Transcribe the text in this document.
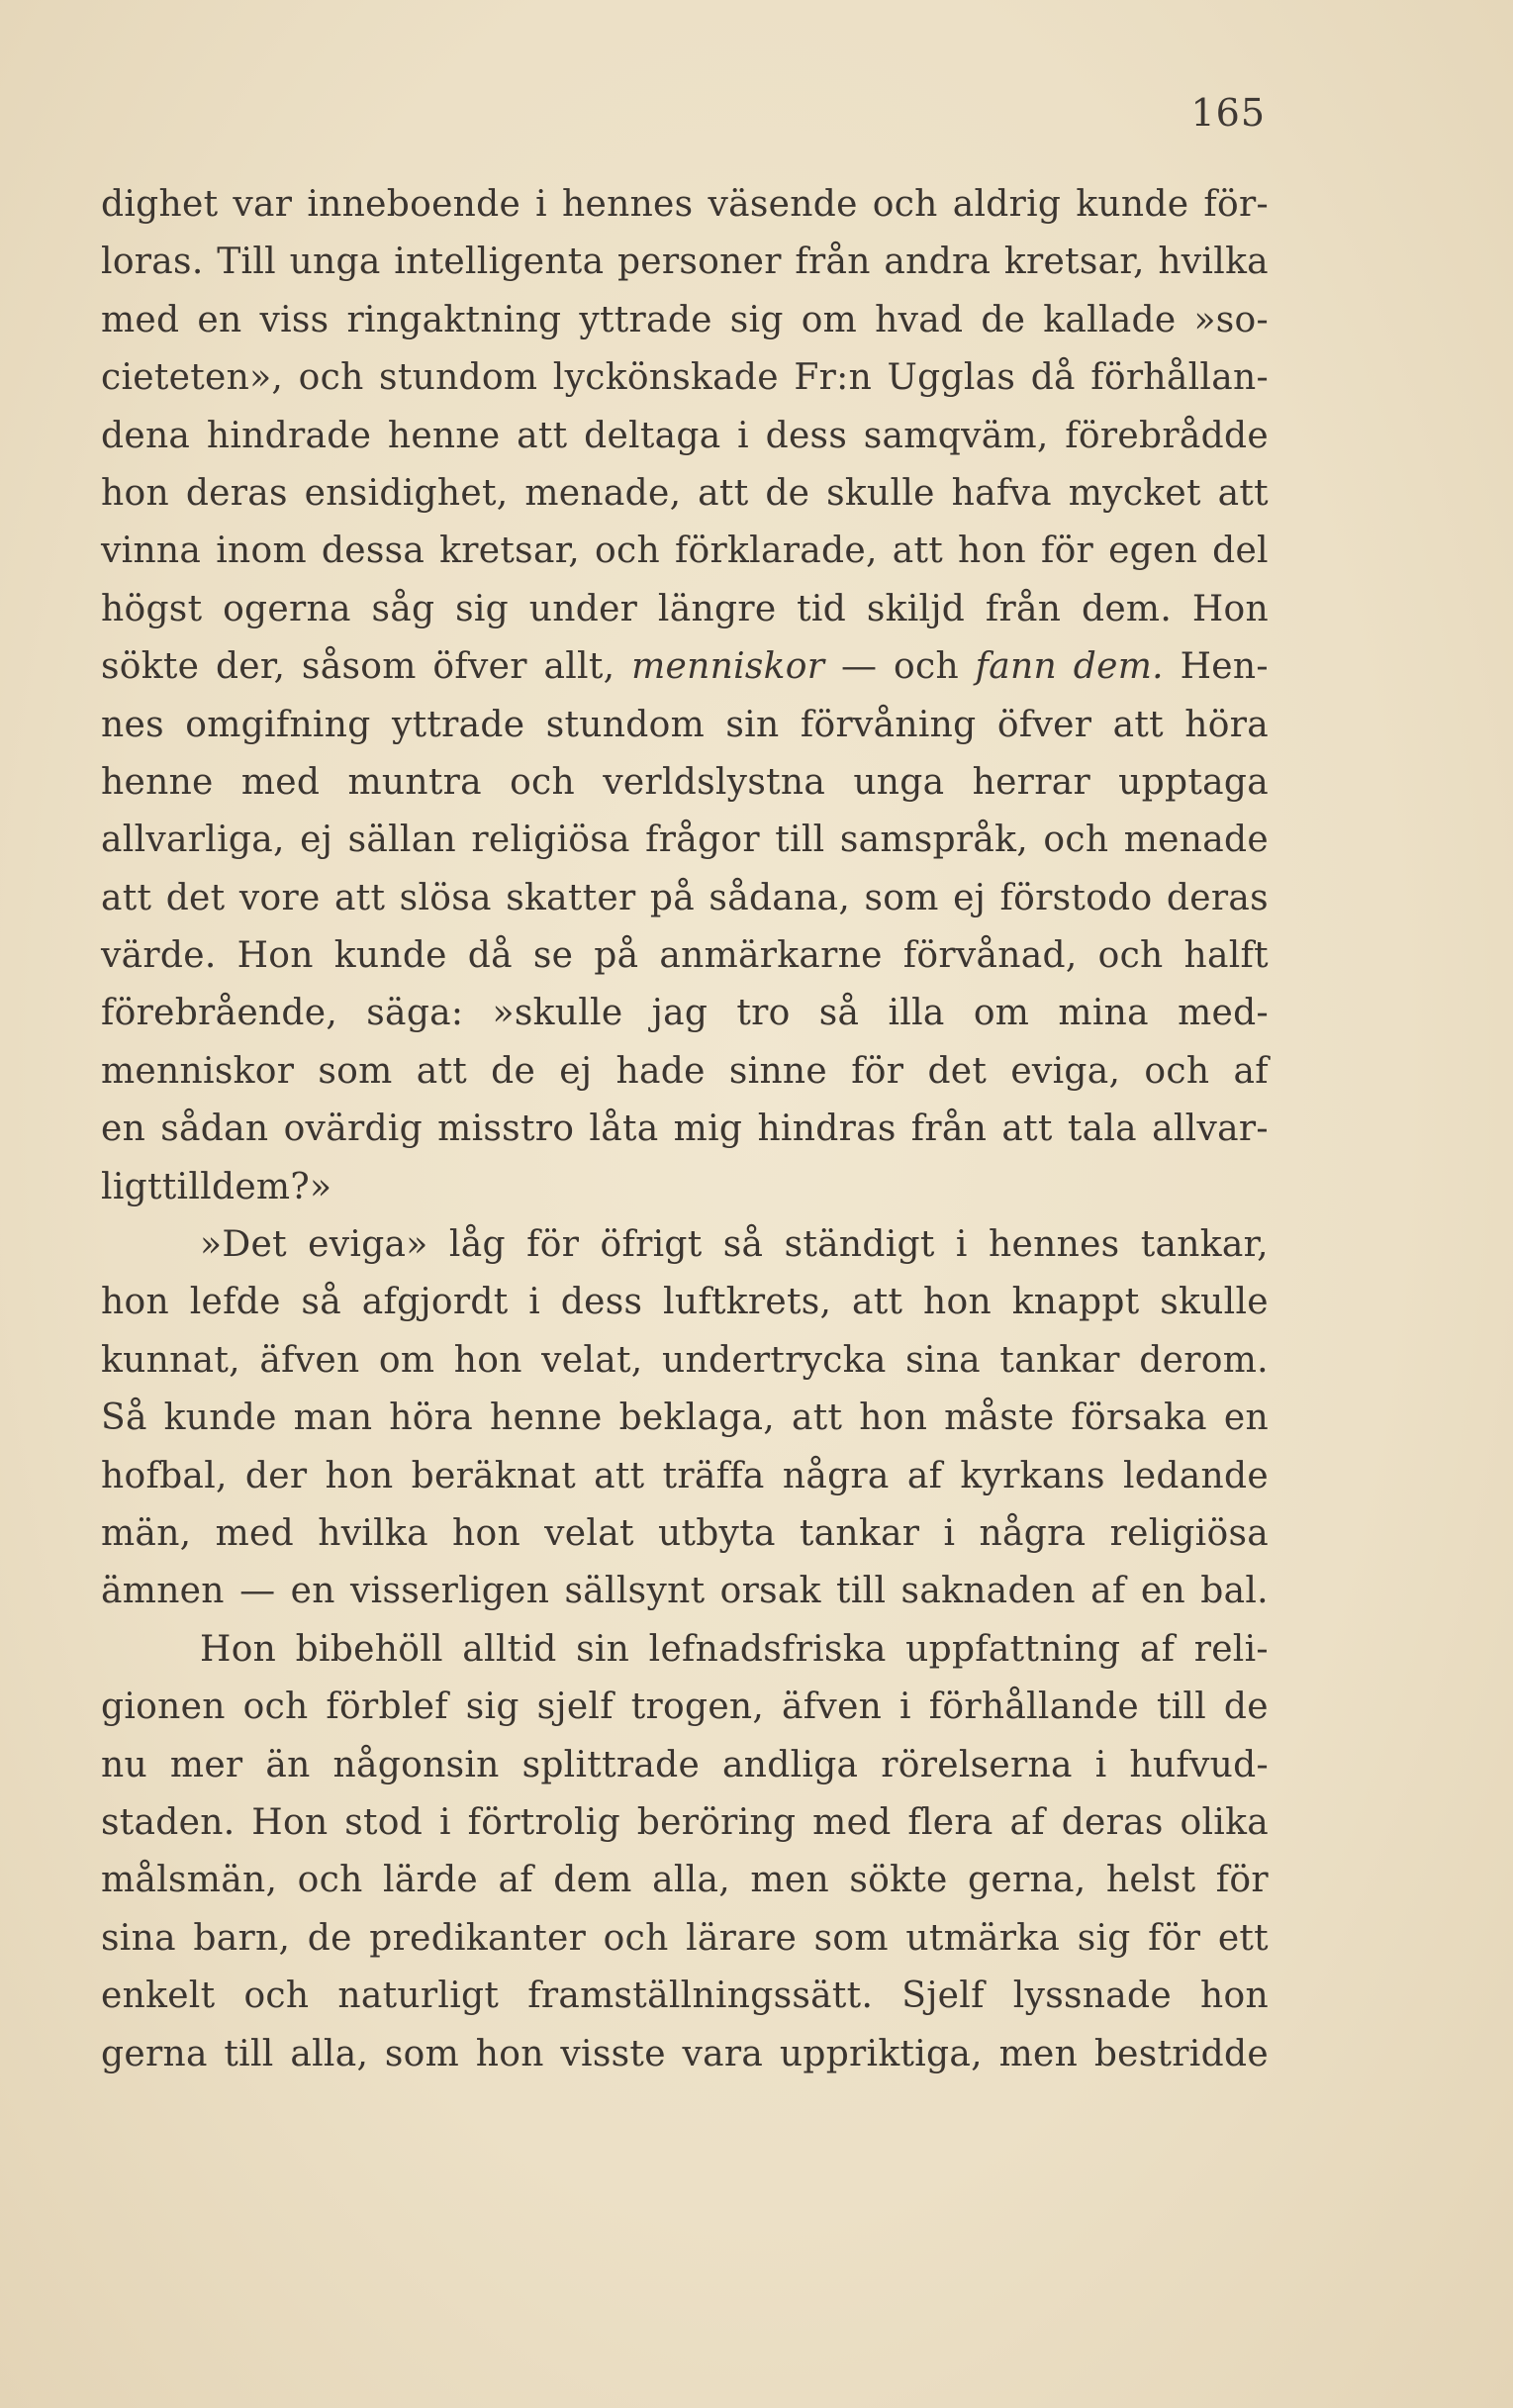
165
dighet var inneboende i hennes väsende och aldrig kunde för-
loras. Till unga intelligenta personer från andra kretsar, hvilka
med en viss ringaktning yttrade sig om hvad de kallade »so-
cieteten», och stundom lyckönskade Fr:n Ugglas då förhållan-
dena hindrade henne att deltaga i dess samqväm, förebrådde
hon deras ensidighet, menade, att de skulle hafva mycket att
vinna inom dessa kretsar, och förklarade, att hon för egen del
högst ogerna såg sig under längre tid skiljd från dem. Hon
sökte der, såsom öfver allt, menniskor — och fann dem. Hen-
nes omgifning yttrade stundom sin förvåning öfver att höra
henne med muntra och verldslystna unga herrar upptaga
allvarliga, ej sällan religiösa frågor till samspråk, och menade
att det vore att slösa skatter på sådana, som ej förstodo deras
värde. Hon kunde då se på anmärkarne förvånad, och halft
förebrående, säga: »skulle jag tro så illa om mina med-
menniskor som att de ej hade sinne för det eviga, och af
en sådan ovärdig misstro låta mig hindras från att tala allvar-
ligt till dem?»
»Det eviga» låg för öfrigt så ständigt i hennes tankar,
hon lefde så afgjordt i dess luftkrets, att hon knappt skulle
kunnat, äfven om hon velat, undertrycka sina tankar derom.
Så kunde man höra henne beklaga, att hon måste försaka en
hofbal, der hon beräknat att träffa några af kyrkans ledande
män, med hvilka hon velat utbyta tankar i några religiösa
ämnen — en visserligen sällsynt orsak till saknaden af en bal.
Hon bibehöll alltid sin lefnadsfriska uppfattning af reli-
gionen och förblef sig sjelf trogen, äfven i förhållande till de
nu mer än någonsin splittrade andliga rörelserna i hufvud-
staden. Hon stod i förtrolig beröring med flera af deras olika
målsmän, och lärde af dem alla, men sökte gerna, helst för
sina barn, de predikanter och lärare som utmärka sig för ett
enkelt och naturligt framställningssätt. Sjelf lyssnade hon
gerna till alla, som hon visste vara uppriktiga, men bestridde
